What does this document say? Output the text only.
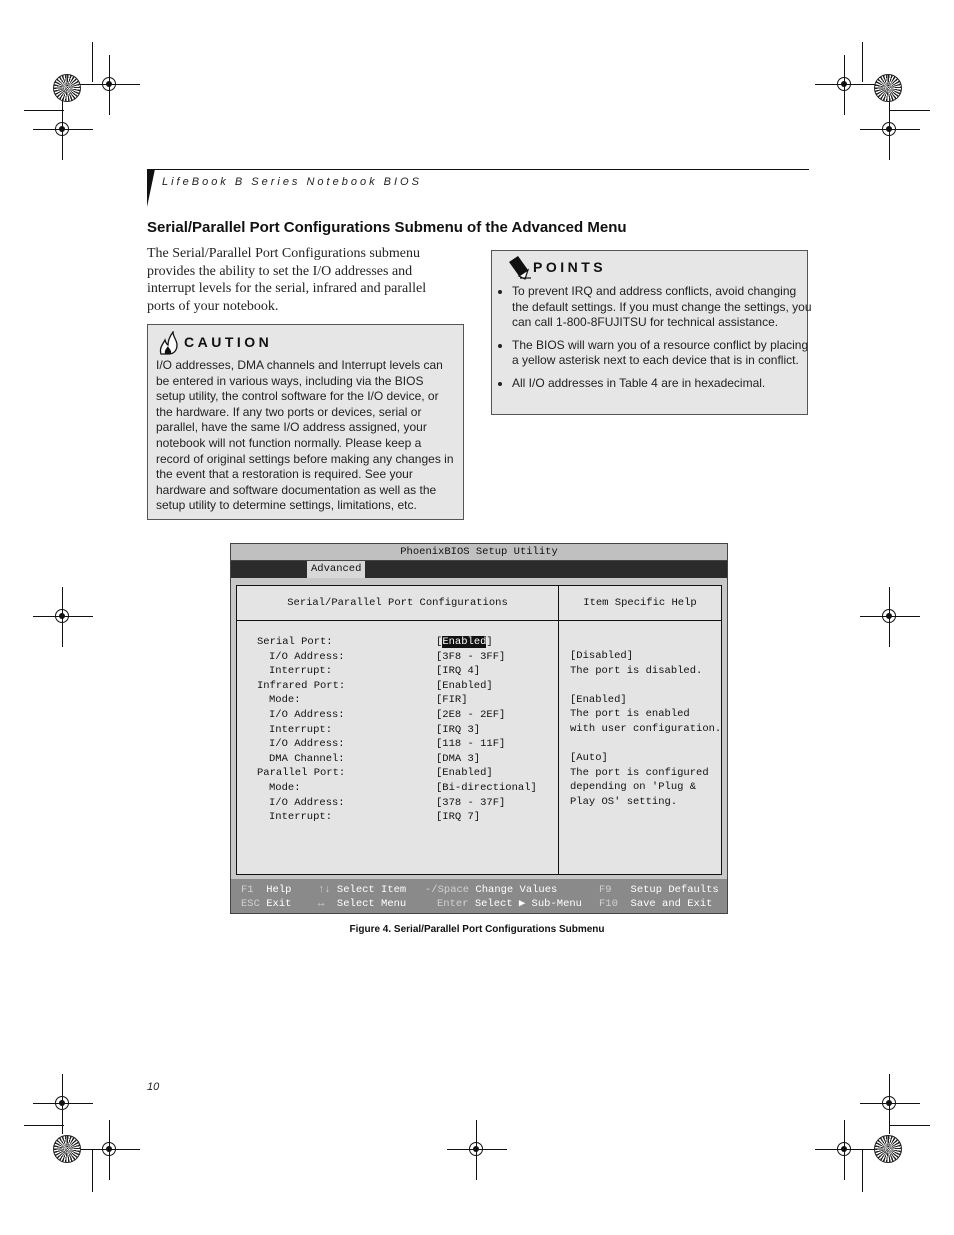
LifeBook B Series Notebook BIOS
Serial/Parallel Port Configurations Submenu of the Advanced Menu
The Serial/Parallel Port Configurations submenu provides the ability to set the I/O addresses and interrupt levels for the serial, infrared and parallel ports of your notebook.
CAUTION
I/O addresses, DMA channels and Interrupt levels can be entered in various ways, including via the BIOS setup utility, the control software for the I/O device, or the hardware. If any two ports or devices, serial or parallel, have the same I/O address assigned, your notebook will not function normally. Please keep a record of original settings before making any changes in the event that a restoration is required. See your hardware and software documentation as well as the setup utility to determine settings, limitations, etc.
POINTS
• To prevent IRQ and address conflicts, avoid changing the default settings. If you must change the settings, you can call 1-800-8FUJITSU for technical assistance.
• The BIOS will warn you of a resource conflict by placing a yellow asterisk next to each device that is in conflict.
• All I/O addresses in Table 4 are in hexadecimal.
PhoenixBIOS Setup Utility
Advanced
Serial/Parallel Port Configurations
Serial Port:	[Enabled]
I/O Address:	[3F8 - 3FF]
Interrupt:	[IRQ 4]
Infrared Port:	[Enabled]
Mode:	[FIR]
I/O Address:	[2E8 - 2EF]
Interrupt:	[IRQ 3]
I/O Address:	[118 - 11F]
DMA Channel:	[DMA 3]
Parallel Port:	[Enabled]
Mode:	[Bi-directional]
I/O Address:	[378 - 37F]
Interrupt:	[IRQ 7]
Item Specific Help
[Disabled]
The port is disabled.
[Enabled]
The port is enabled
with user configuration.
[Auto]
The port is configured
depending on 'Plug &
Play OS' setting.
F1 Help	↑↓ Select Item -/Space Change Values	F9 Setup Defaults
ESC Exit	↔ Select Menu	Enter Select ▶ Sub-Menu F10 Save and Exit
Figure 4. Serial/Parallel Port Configurations Submenu
10
